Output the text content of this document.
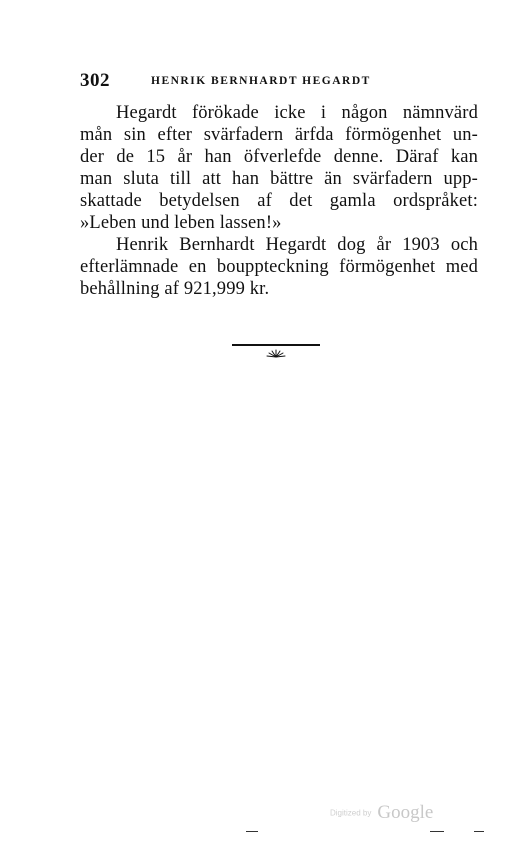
302	HENRIK BERNHARDT HEGARDT
Hegardt förökade icke i någon nämnvärd
mån sin efter svärfadern ärfda förmögenhet un-
der de 15 år han öfverlefde denne. Däraf kan
man sluta till att han bättre än svärfadern upp-
skattade betydelsen af det gamla ordspråket:
»Leben und leben lassen!»
Henrik Bernhardt Hegardt dog år 1903 och
efterlämnade en bouppteckning förmögenhet med
behållning af 921,999 kr.
Digitized by Google
